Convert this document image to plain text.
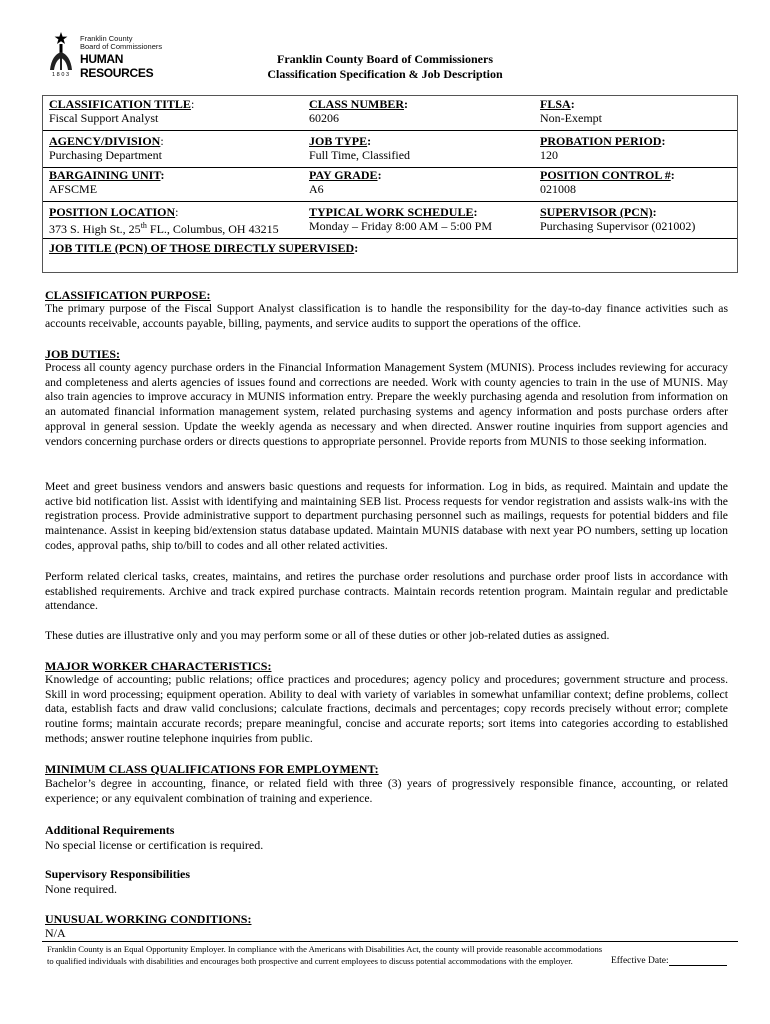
Franklin County
Board of Commissioners
HUMAN RESOURCES
1803
Franklin County Board of Commissioners
Classification Specification & Job Description
CLASSIFICATION TITLE:
Fiscal Support Analyst
CLASS NUMBER:
60206
FLSA:
Non-Exempt
AGENCY/DIVISION:
Purchasing Department
JOB TYPE:
Full Time, Classified
PROBATION PERIOD:
120
BARGAINING UNIT:
AFSCME
PAY GRADE:
A6
POSITION CONTROL #:
021008
POSITION LOCATION:
373 S. High St., 25th FL., Columbus, OH 43215
TYPICAL WORK SCHEDULE:
Monday – Friday 8:00 AM – 5:00 PM
SUPERVISOR (PCN):
Purchasing Supervisor (021002)
JOB TITLE (PCN) OF THOSE DIRECTLY SUPERVISED:
CLASSIFICATION PURPOSE:

The primary purpose of the Fiscal Support Analyst classification is to handle the responsibility for the day-to-day finance activities such as accounts receivable, accounts payable, billing, payments, and service audits to support the operations of the office.

JOB DUTIES:

Process all county agency purchase orders in the Financial Information Management System (MUNIS). Process includes reviewing for accuracy and completeness and alerts agencies of issues found and corrections are needed. Work with county agencies to train in the use of MUNIS. May also train agencies to improve accuracy in MUNIS information entry. Prepare the weekly purchasing agenda and resolution from information on an automated financial information management system, related purchasing systems and agency information and posts purchase orders after approval in general session. Update the weekly agenda as necessary and when directed. Answer routine inquiries from support agencies and vendors concerning purchase orders or directs questions to appropriate personnel. Provide reports from MUNIS to those seeking information.

Meet and greet business vendors and answers basic questions and requests for information. Log in bids, as required. Maintain and update the active bid notification list. Assist with identifying and maintaining SEB list. Process requests for vendor registration and assists walk-ins with the registration process. Provide administrative support to department purchasing personnel such as mailings, requests for potential bidders and file maintenance. Assist in keeping bid/extension status database updated. Maintain MUNIS database with next year PO numbers, setting up location codes, approval paths, ship to/bill to codes and all other related activities.

Perform related clerical tasks, creates, maintains, and retires the purchase order resolutions and purchase order proof lists in accordance with established requirements. Archive and track expired purchase contracts. Maintain records retention program. Maintain regular and predictable attendance.

These duties are illustrative only and you may perform some or all of these duties or other job-related duties as assigned.

MAJOR WORKER CHARACTERISTICS:

Knowledge of accounting; public relations; office practices and procedures; agency policy and procedures; government structure and process. Skill in word processing; equipment operation. Ability to deal with variety of variables in somewhat unfamiliar context; define problems, collect data, establish facts and draw valid conclusions; calculate fractions, decimals and percentages; copy records precisely without error; complete routine forms; maintain accurate records; prepare meaningful, concise and accurate reports; sort items into categories according to established methods; answer routine telephone inquiries from public.

MINIMUM CLASS QUALIFICATIONS FOR EMPLOYMENT:

Bachelor’s degree in accounting, finance, or related field with three (3) years of progressively responsible finance, accounting, or related experience; or any equivalent combination of training and experience.

Additional Requirements
No special license or certification is required.
Supervisory Responsibilities
None required.
UNUSUAL WORKING CONDITIONS:
N/A
Franklin County is an Equal Opportunity Employer. In compliance with the Americans with Disabilities Act, the county will provide reasonable accommodations to qualified individuals with disabilities and encourages both prospective and current employees to discuss potential accommodations with the employer.	Effective Date:
